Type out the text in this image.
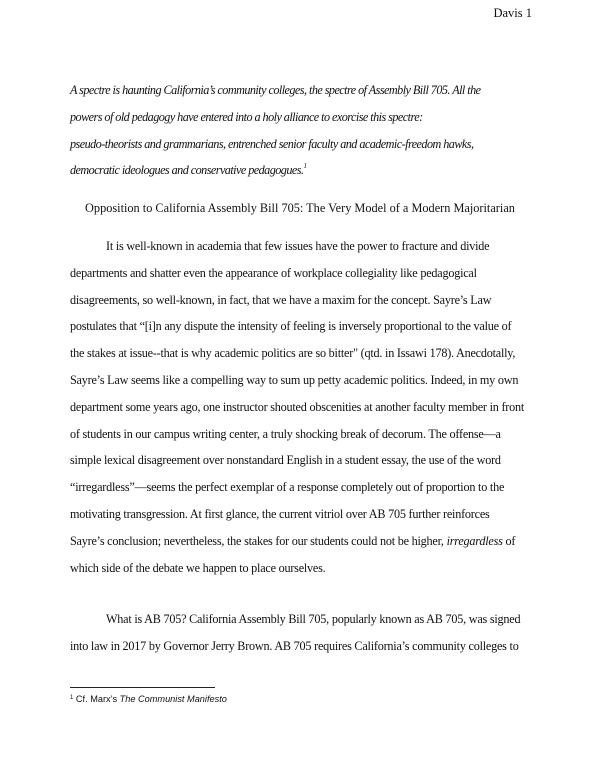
Davis 1
A spectre is haunting California’s community colleges, the spectre of Assembly Bill 705. All the
powers of old pedagogy have entered into a holy alliance to exorcise this spectre:
pseudo-theorists and grammarians, entrenched senior faculty and academic-freedom hawks,
democratic ideologues and conservative pedagogues.$^1$
Opposition to California Assembly Bill 705: The Very Model of a Modern Majoritarian
It is well-known in academia that few issues have the power to fracture and divide
departments and shatter even the appearance of workplace collegiality like pedagogical
disagreements, so well-known, in fact, that we have a maxim for the concept. Sayre’s Law
postulates that “[i]n any dispute the intensity of feeling is inversely proportional to the value of
the stakes at issue--that is why academic politics are so bitter" (qtd. in Issawi 178). Anecdotally,
Sayre’s Law seems like a compelling way to sum up petty academic politics. Indeed, in my own
department some years ago, one instructor shouted obscenities at another faculty member in front
of students in our campus writing center, a truly shocking break of decorum. The offense—a
simple lexical disagreement over nonstandard English in a student essay, the use of the word
“irregardless”—seems the perfect exemplar of a response completely out of proportion to the
motivating transgression. At first glance, the current vitriol over AB 705 further reinforces
Sayre’s conclusion; nevertheless, the stakes for our students could not be higher, irregardless of
which side of the debate we happen to place ourselves.
What is AB 705? California Assembly Bill 705, popularly known as AB 705, was signed
into law in 2017 by Governor Jerry Brown. AB 705 requires California’s community colleges to
$^1$ Cf. Marx’s The Communist Manifesto
